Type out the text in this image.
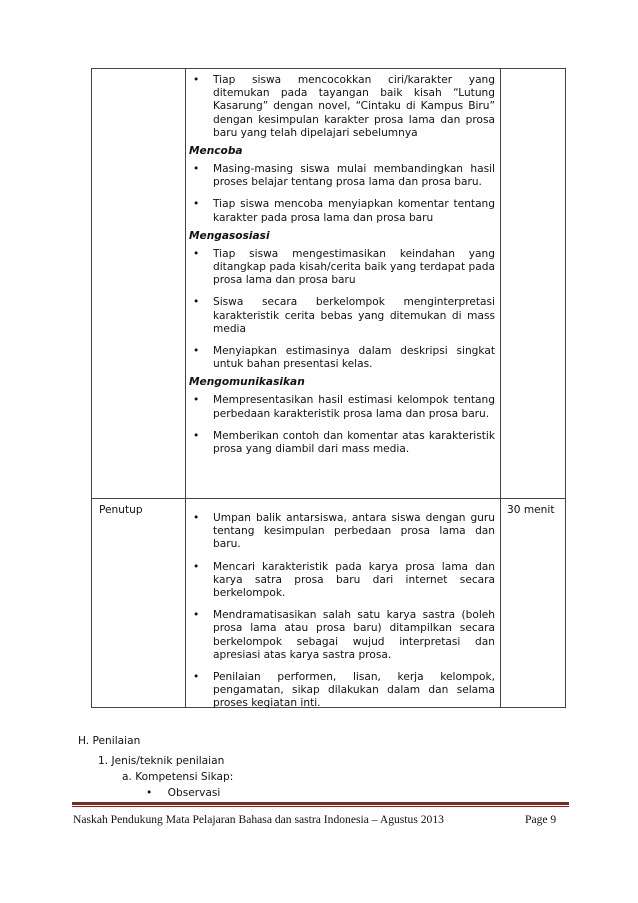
• Tiap siswa mencocokkan ciri/karakter yang ditemukan pada tayangan baik kisah “Lutung Kasarung” dengan novel, “Cintaku di Kampus Biru” dengan kesimpulan karakter prosa lama dan prosa baru yang telah dipelajari sebelumnya
Mencoba
• Masing-masing siswa mulai membandingkan hasil proses belajar tentang prosa lama dan prosa baru.
• Tiap siswa mencoba menyiapkan komentar tentang karakter pada prosa lama dan prosa baru
Mengasosiasi
• Tiap siswa mengestimasikan keindahan yang ditangkap pada kisah/cerita baik yang terdapat pada prosa lama dan prosa baru
• Siswa secara berkelompok menginterpretasi karakteristik cerita bebas yang ditemukan di mass media
• Menyiapkan estimasinya dalam deskripsi singkat untuk bahan presentasi kelas.
Mengomunikasikan
• Mempresentasikan hasil estimasi kelompok tentang perbedaan karakteristik prosa lama dan prosa baru.
• Memberikan contoh dan komentar atas karakteristik prosa yang diambil dari mass media.
Penutup	30 menit
• Umpan balik antarsiswa, antara siswa dengan guru tentang kesimpulan perbedaan prosa lama dan baru.
• Mencari karakteristik pada karya prosa lama dan karya satra prosa baru dari internet secara berkelompok.
• Mendramatisasikan salah satu karya sastra (boleh prosa lama atau prosa baru) ditampilkan secara berkelompok sebagai wujud interpretasi dan apresiasi atas karya sastra prosa.
• Penilaian performen, lisan, kerja kelompok, pengamatan, sikap dilakukan dalam dan selama proses kegiatan inti.
H. Penilaian
1. Jenis/teknik penilaian
a. Kompetensi Sikap:
• Observasi
Naskah Pendukung Mata Pelajaran Bahasa dan sastra Indonesia – Agustus 2013	Page 9
